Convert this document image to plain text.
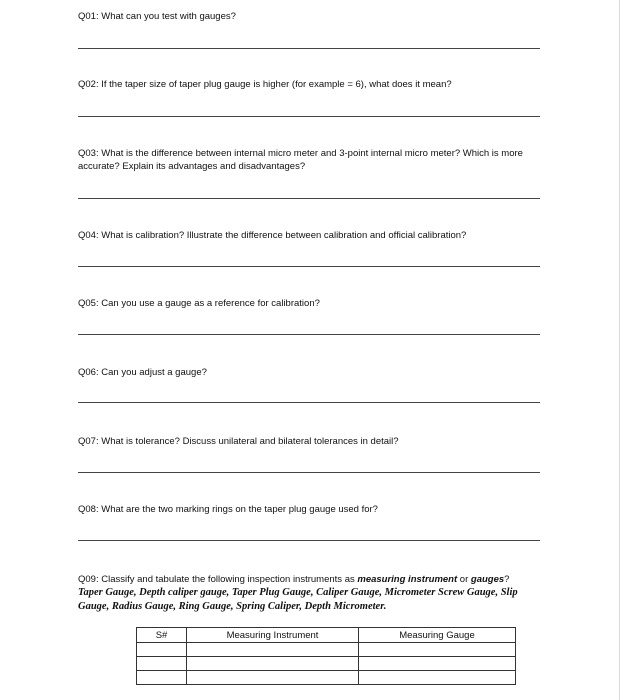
Q01: What can you test with gauges?
Q02: If the taper size of taper plug gauge is higher (for example = 6), what does it mean?
Q03: What is the difference between internal micro meter and 3-point internal micro meter? Which is more accurate? Explain its advantages and disadvantages?
Q04: What is calibration? Illustrate the difference between calibration and official calibration?
Q05: Can you use a gauge as a reference for calibration?
Q06: Can you adjust a gauge?
Q07: What is tolerance? Discuss unilateral and bilateral tolerances in detail?
Q08: What are the two marking rings on the taper plug gauge used for?
Q09: Classify and tabulate the following inspection instruments as measuring instrument or gauges?
Taper Gauge, Depth caliper gauge, Taper Plug Gauge, Caliper Gauge, Micrometer Screw Gauge, Slip Gauge, Radius Gauge, Ring Gauge, Spring Caliper, Depth Micrometer.
S#	Measuring Instrument	Measuring Gauge
